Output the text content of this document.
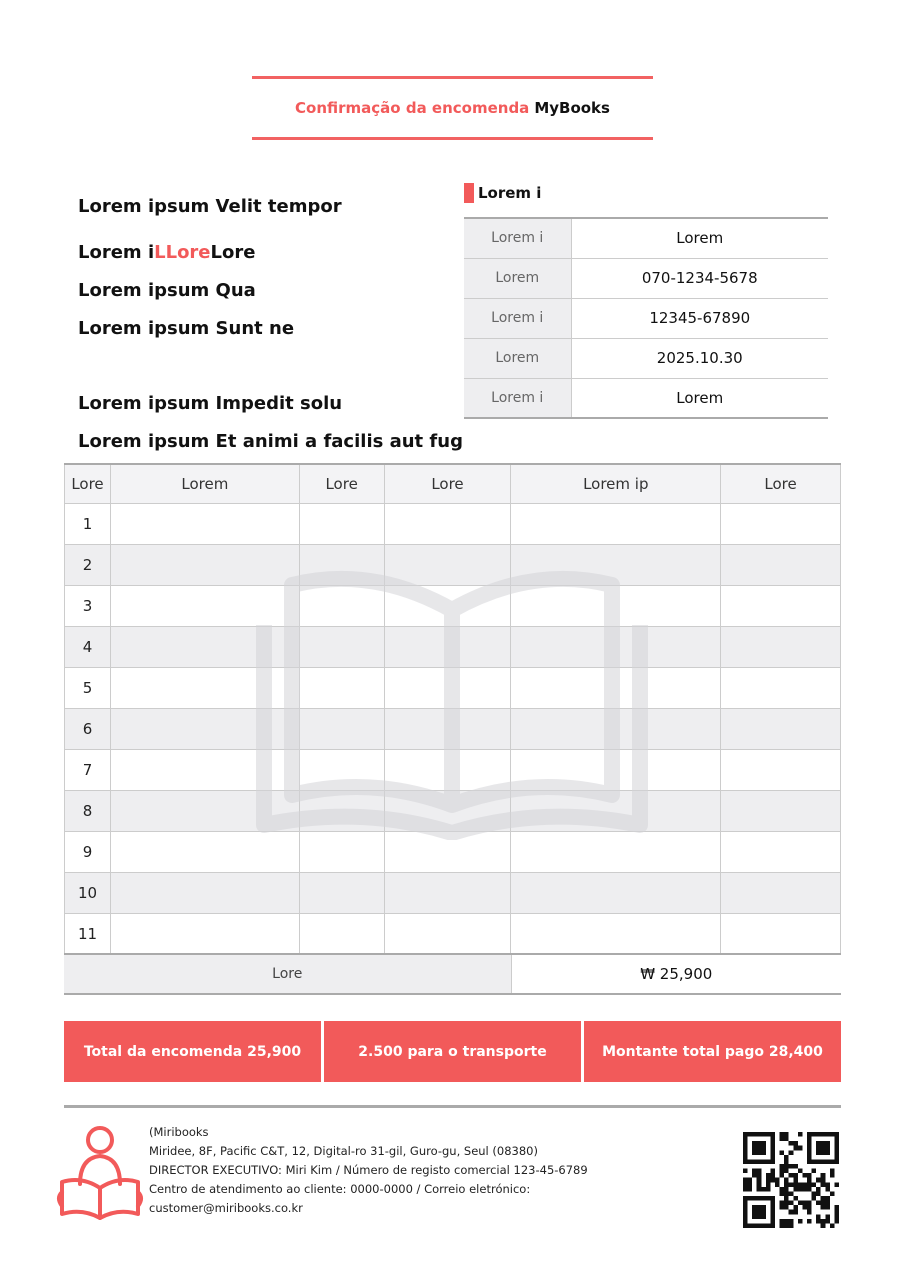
Confirmação da encomenda MyBooks
Lorem ipsum Velit tempor
Lorem iLLoreLore
Lorem ipsum Qua
Lorem ipsum Sunt ne
Lorem ipsum Impedit solu
Lorem ipsum Et animi a facilis aut fug
Lorem i
Lorem i	Lorem
Lorem	070-1234-5678
Lorem i	12345-67890
Lorem	2025.10.30
Lorem i	Lorem
Lore	Lorem	Lore	Lore	Lorem ip	Lore
1					
2					
3					
4					
5					
6					
7					
8					
9					
10					
11					
Lore	₩ 25,900
Total da encomenda 25,900	2.500 para o transporte	Montante total pago 28,400
(Miribooks
Miridee, 8F, Pacific C&T, 12, Digital-ro 31-gil, Guro-gu, Seul (08380)
DIRECTOR EXECUTIVO: Miri Kim / Número de registo comercial 123-45-6789
Centro de atendimento ao cliente: 0000-0000 / Correio eletrónico:
customer@miribooks.co.kr
